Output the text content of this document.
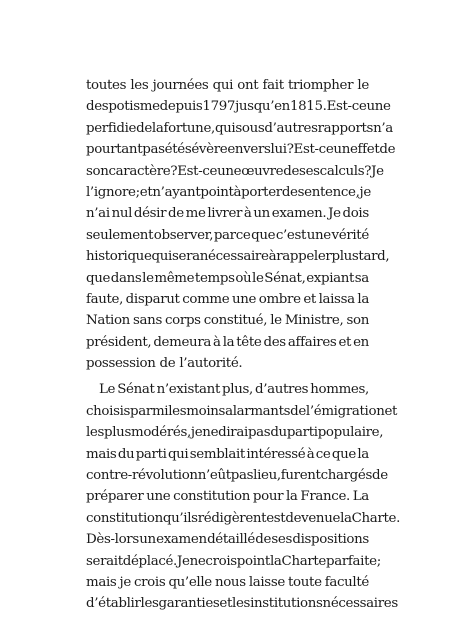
toutes les journées qui ont fait triompher le
despotisme depuis 1797 jusqu’en 1815. Est-ce une
perfidie de la fortune, qui sous d’autres rapports n’a
pourtant pas été sévère envers lui ? Est-ce un effet de
son caractère ? Est-ce une œuvre de ses calculs ? Je
l’ignore ; et n’ayant point à porter de sentence, je
n’ai nul désir de me livrer à un examen. Je dois
seulement observer, parce que c’est une vérité
historique qui sera nécessaire à rappeler plus tard,
que dans le même temps où le Sénat, expiant sa
faute, disparut comme une ombre et laissa la
Nation sans corps constitué, le Ministre, son
président, demeura à la tête des affaires et en
possession de l’autorité.
Le Sénat n’existant plus, d’autres hommes,
choisis parmi les moins alarmants de l’émigration et
les plus modérés, je ne dirai pas du parti populaire,
mais du parti qui semblait intéressé à ce que la
contre-révolution n’eût pas lieu, furent chargés de
préparer une constitution pour la France. La
constitution qu’ils rédigèrent est devenue la Charte.
Dès-lors un examen détaillé de ses dispositions
serait déplacé. Je ne crois point la Charte parfaite ;
mais je crois qu’elle nous laisse toute faculté
d’établir les garanties et les institutions nécessaires
